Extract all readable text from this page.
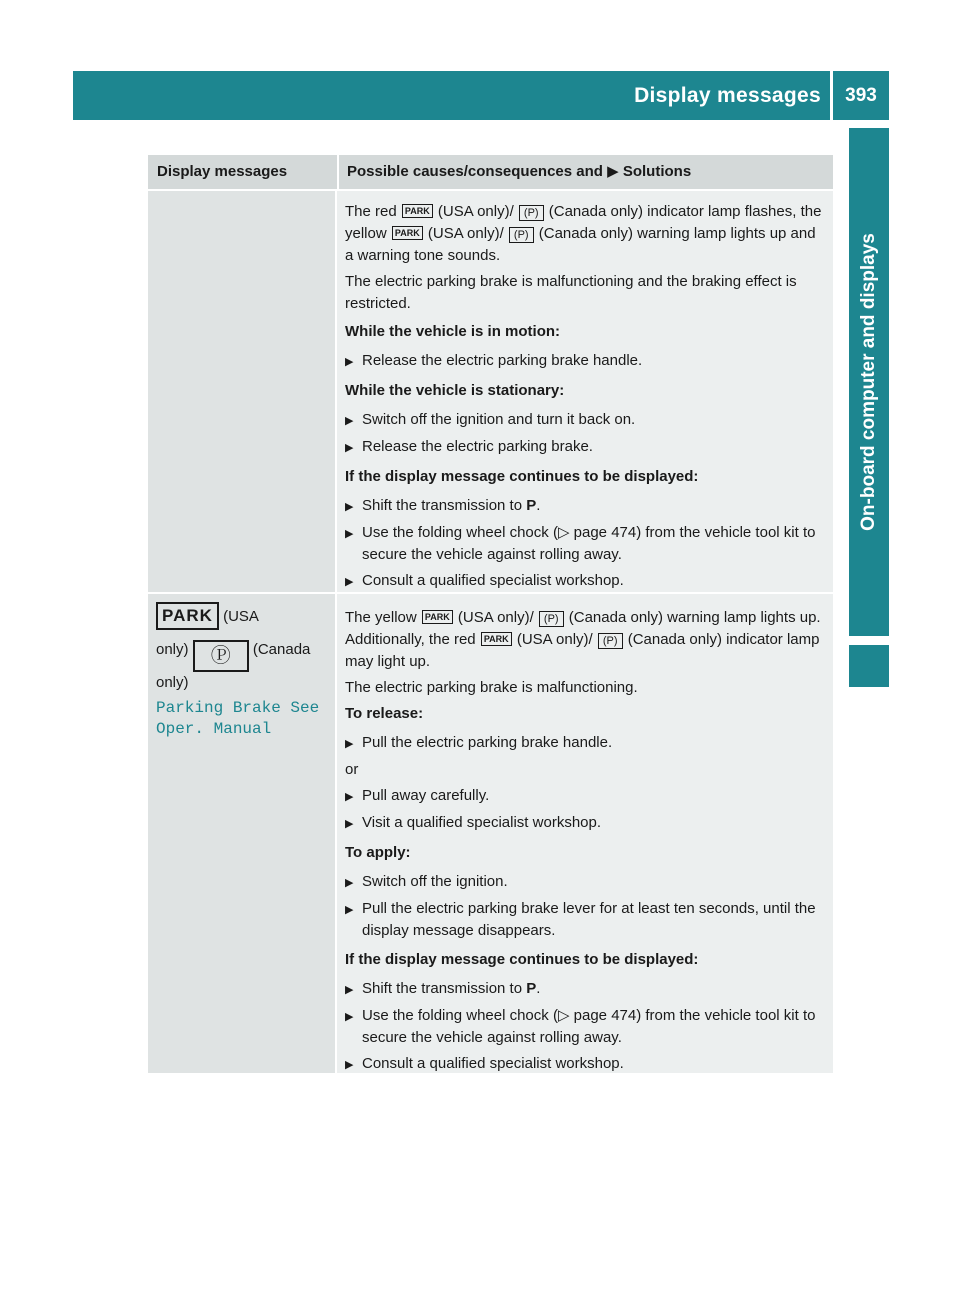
Display messages	393
On-board computer and displays
Display messages	Possible causes/consequences and ▶ Solutions
The red PARK (USA only)/ (P) (Canada only) indicator lamp flashes, the yellow PARK (USA only)/ (P) (Canada only) warning lamp lights up and a warning tone sounds.
The electric parking brake is malfunctioning and the braking effect is restricted.
While the vehicle is in motion:
▶ Release the electric parking brake handle.
While the vehicle is stationary:
▶ Switch off the ignition and turn it back on.
▶ Release the electric parking brake.
If the display message continues to be displayed:
▶ Shift the transmission to P.
▶ Use the folding wheel chock (▷ page 474) from the vehicle tool kit to secure the vehicle against rolling away.
▶ Consult a qualified specialist workshop.
PARK (USA
only) Ⓟ (Canada
only)
Parking Brake See
Oper. Manual
The yellow PARK (USA only)/ (P) (Canada only) warning lamp lights up. Additionally, the red PARK (USA only)/ (P) (Canada only) indicator lamp may light up.
The electric parking brake is malfunctioning.
To release:
▶ Pull the electric parking brake handle.
or
▶ Pull away carefully.
▶ Visit a qualified specialist workshop.
To apply:
▶ Switch off the ignition.
▶ Pull the electric parking brake lever for at least ten seconds, until the display message disappears.
If the display message continues to be displayed:
▶ Shift the transmission to P.
▶ Use the folding wheel chock (▷ page 474) from the vehicle tool kit to secure the vehicle against rolling away.
▶ Consult a qualified specialist workshop.
